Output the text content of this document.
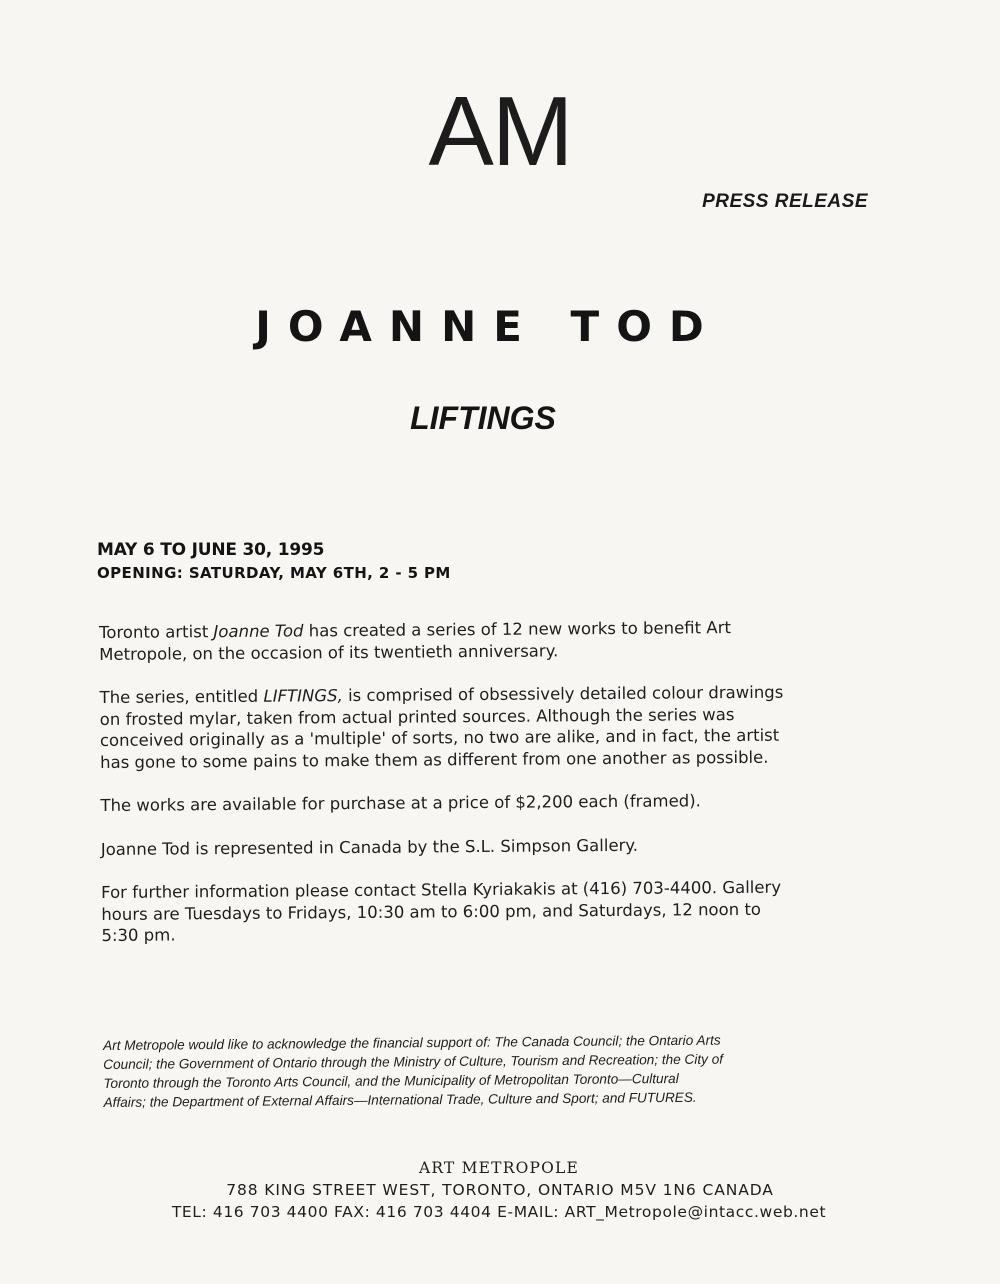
AM
PRESS RELEASE
JOANNE TOD
LIFTINGS
MAY 6 TO JUNE 30, 1995
OPENING: SATURDAY, MAY 6TH, 2 - 5 PM

Toronto artist Joanne Tod has created a series of 12 new works to benefit Art
Metropole, on the occasion of its twentieth anniversary.

The series, entitled LIFTINGS, is comprised of obsessively detailed colour drawings
on frosted mylar, taken from actual printed sources. Although the series was
conceived originally as a 'multiple' of sorts, no two are alike, and in fact, the artist
has gone to some pains to make them as different from one another as possible.

The works are available for purchase at a price of $2,200 each (framed).

Joanne Tod is represented in Canada by the S.L. Simpson Gallery.

For further information please contact Stella Kyriakakis at (416) 703-4400. Gallery
hours are Tuesdays to Fridays, 10:30 am to 6:00 pm, and Saturdays, 12 noon to
5:30 pm.

Art Metropole would like to acknowledge the financial support of: The Canada Council; the Ontario Arts
Council; the Government of Ontario through the Ministry of Culture, Tourism and Recreation; the City of
Toronto through the Toronto Arts Council, and the Municipality of Metropolitan Toronto—Cultural
Affairs; the Department of External Affairs—International Trade, Culture and Sport; and FUTURES.
ART METROPOLE
788 KING STREET WEST, TORONTO, ONTARIO M5V 1N6 CANADA
TEL: 416 703 4400 FAX: 416 703 4404 E-MAIL: ART_Metropole@intacc.web.net
